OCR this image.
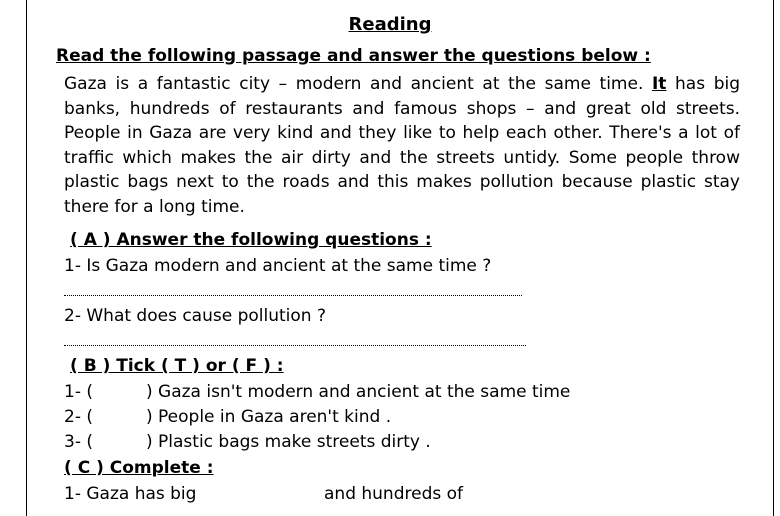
Reading
Read the following passage and answer the questions below :

Gaza is a fantastic city – modern and ancient at the same time. It has big banks, hundreds of restaurants and famous shops – and great old streets. People in Gaza are very kind and they like to help each other. There's a lot of traffic which makes the air dirty and the streets untidy. Some people throw plastic bags next to the roads and this makes pollution because plastic stay there for a long time.

( A ) Answer the following questions :
1- Is Gaza modern and ancient at the same time ?
2- What does cause pollution ?
( B ) Tick ( T ) or ( F ) :
1- (	) Gaza isn't modern and ancient at the same time
2- (	) People in Gaza aren't kind .
3- (	) Plastic bags make streets dirty .
( C ) Complete :
1- Gaza has big	and hundreds of
